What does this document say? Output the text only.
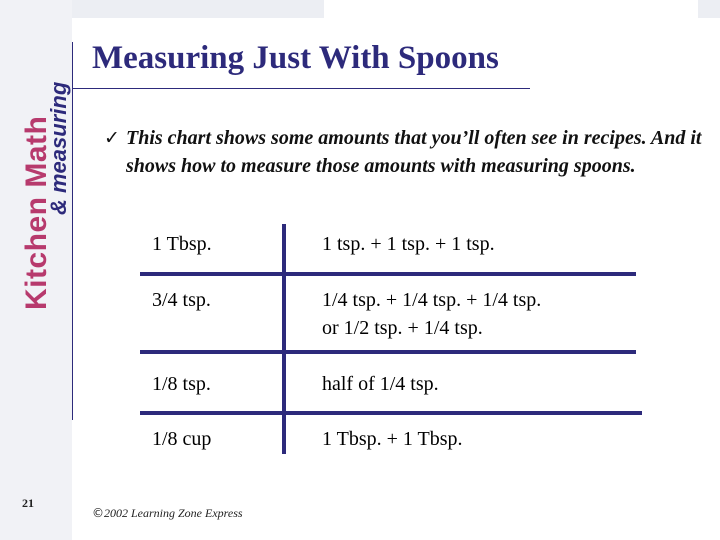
Kitchen Math
& measuring
Measuring Just With Spoons
✓ This chart shows some amounts that you’ll often see in recipes. And it shows how to measure those amounts with measuring spoons.
1 Tbsp.	1 tsp. + 1 tsp. + 1 tsp.
3/4 tsp.	1/4 tsp. + 1/4 tsp. + 1/4 tsp.
or 1/2 tsp. + 1/4 tsp.
1/8 tsp.	half of 1/4 tsp.
1/8 cup	1 Tbsp. + 1 Tbsp.
21
©2002 Learning Zone Express
